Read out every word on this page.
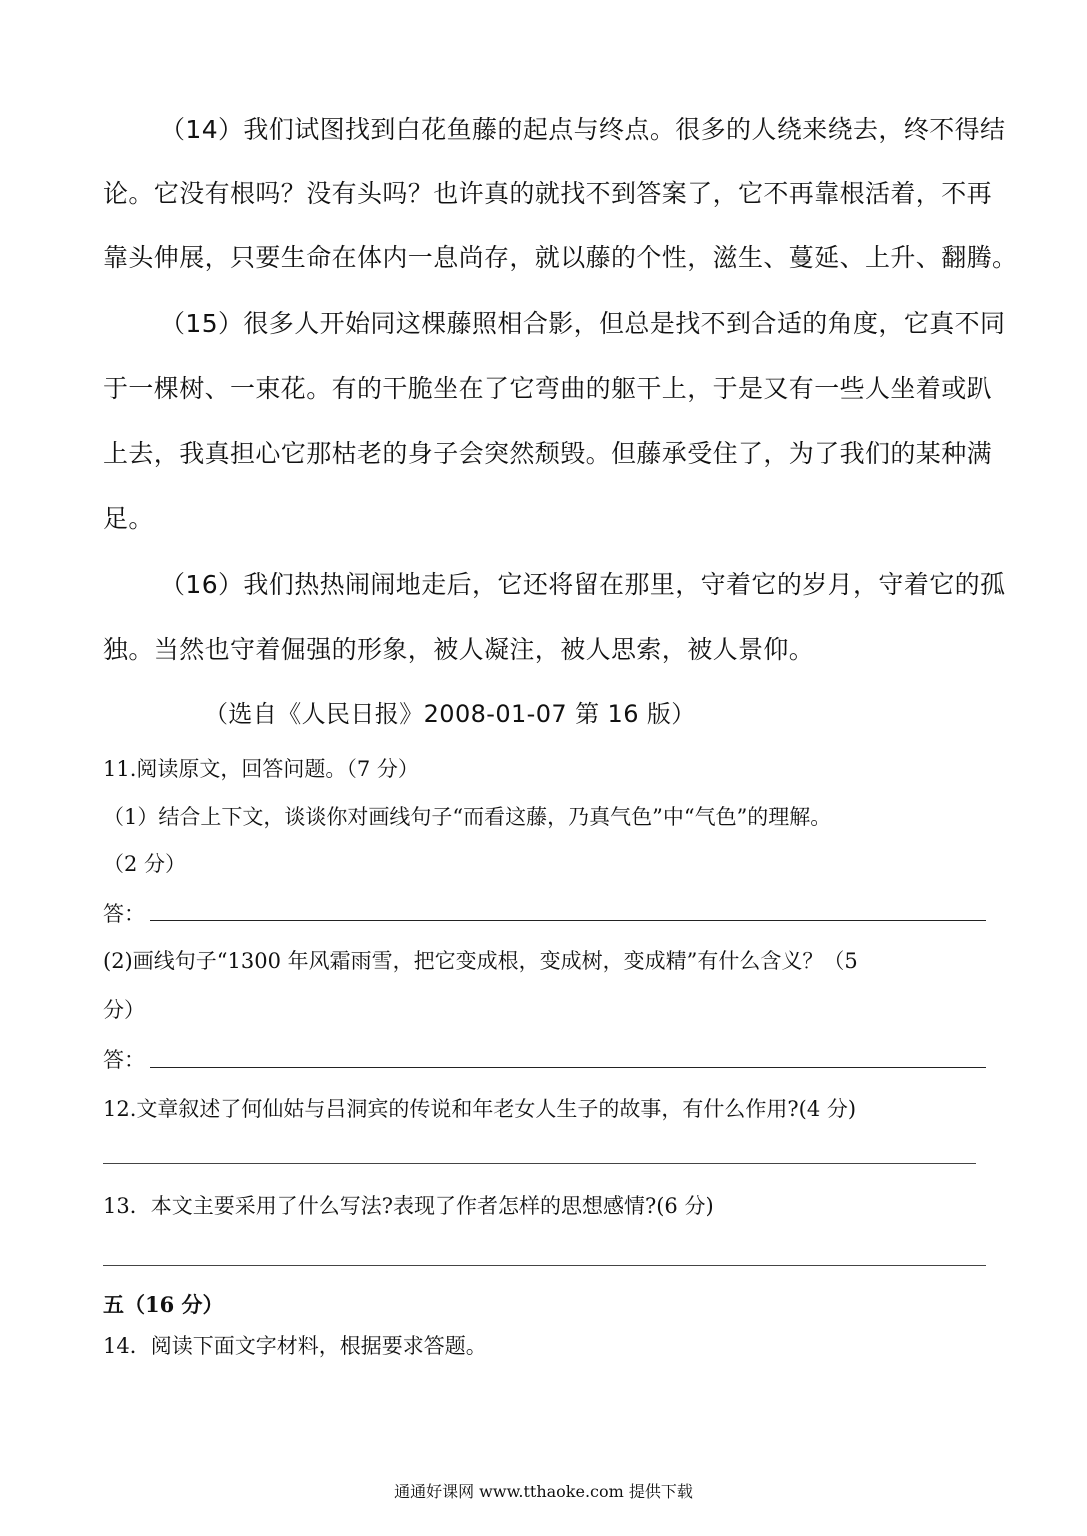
（14）我们试图找到白花鱼藤的起点与终点。很多的人绕来绕去，终不得结
论。它没有根吗？没有头吗？也许真的就找不到答案了，它不再靠根活着，不再
靠头伸展，只要生命在体内一息尚存，就以藤的个性，滋生、蔓延、上升、翻腾。
（15）很多人开始同这棵藤照相合影，但总是找不到合适的角度，它真不同
于一棵树、一束花。有的干脆坐在了它弯曲的躯干上，于是又有一些人坐着或趴
上去，我真担心它那枯老的身子会突然颓毁。但藤承受住了，为了我们的某种满
足。
（16）我们热热闹闹地走后，它还将留在那里，守着它的岁月，守着它的孤
独。当然也守着倔强的形象，被人凝注，被人思索，被人景仰。
（选自《人民日报》2008-01-07 第 16 版）
11.阅读原文，回答问题。（7 分）
（1）结合上下文，谈谈你对画线句子“而看这藤，乃真气色”中“气色”的理解。
（2 分）
答：
(2)画线句子“1300 年风霜雨雪，把它变成根，变成树，变成精”有什么含义？（5
分）
答：
12.文章叙述了何仙姑与吕洞宾的传说和年老女人生子的故事，有什么作用?(4 分)
13．本文主要采用了什么写法?表现了作者怎样的思想感情?(6 分)
五（16 分）
14．阅读下面文字材料，根据要求答题。
通通好课网 www.tthaoke.com 提供下载
